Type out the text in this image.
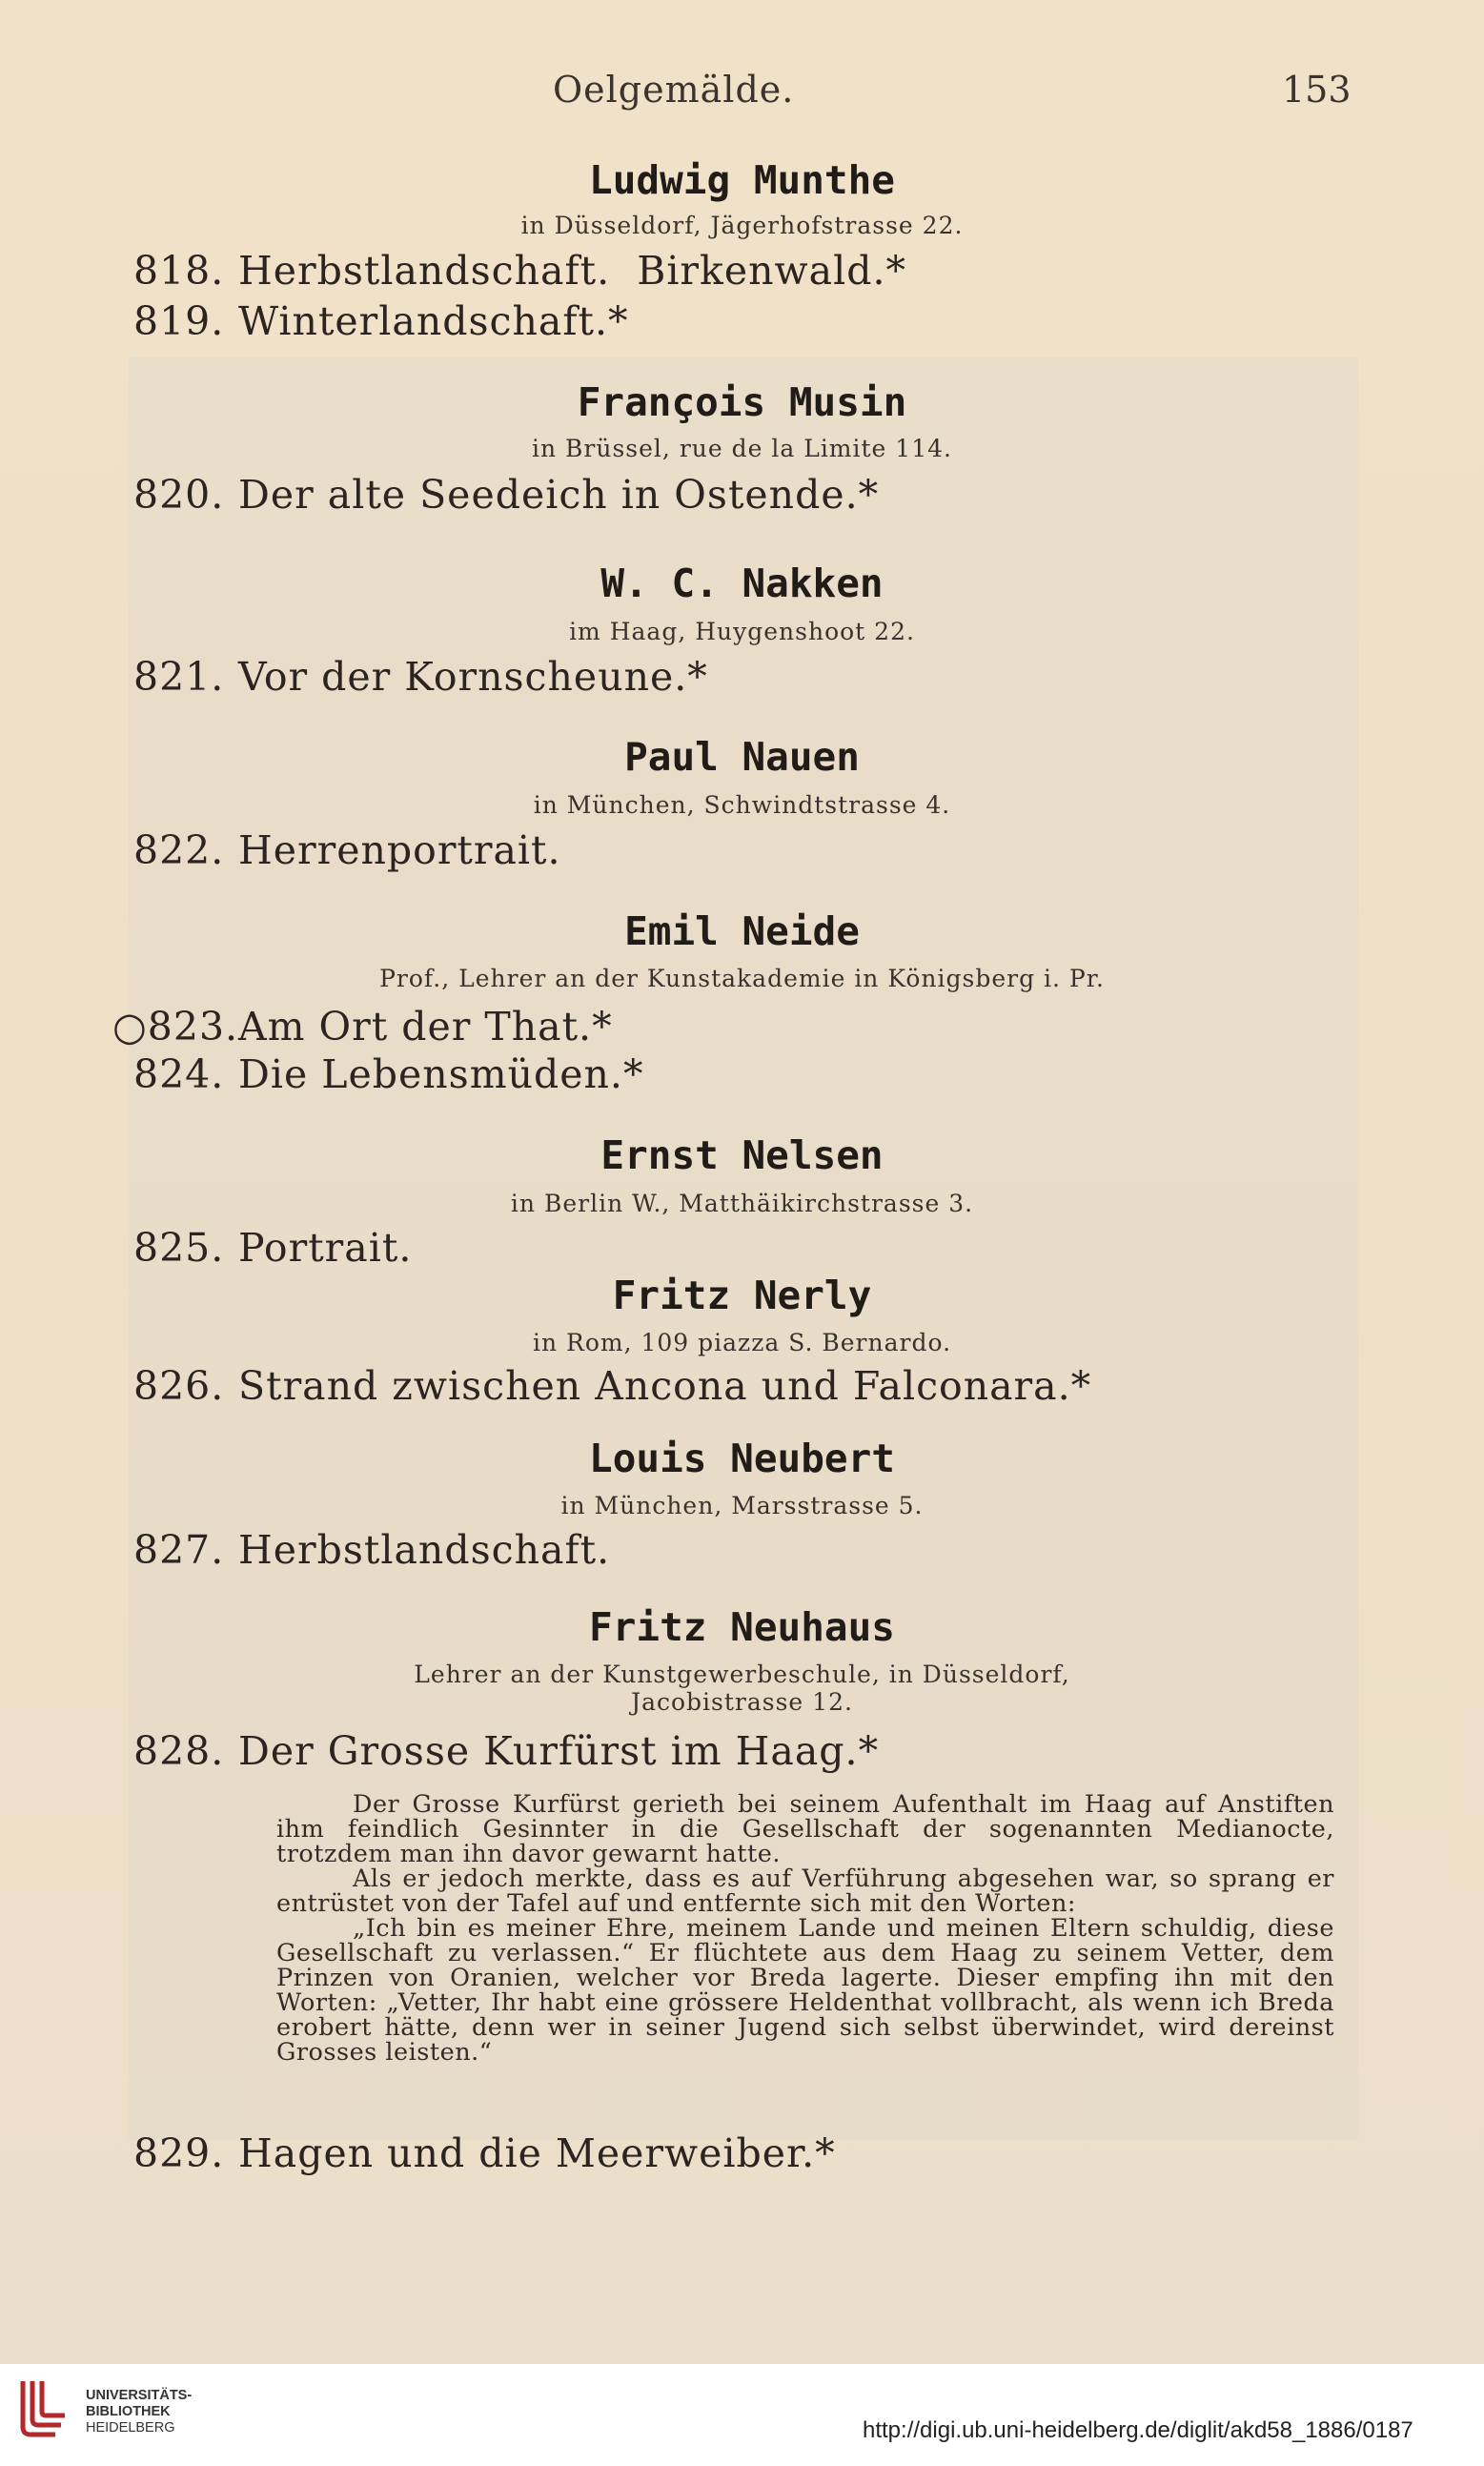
Oelgemälde.	153
Ludwig Munthe
in Düsseldorf, Jägerhofstrasse 22.
818. Herbstlandschaft.  Birkenwald.*
819. Winterlandschaft.*
François Musin
in Brüssel, rue de la Limite 114.
820. Der alte Seedeich in Ostende.*
W. C. Nakken
im Haag, Huygenshoot 22.
821. Vor der Kornscheune.*
Paul Nauen
in München, Schwindtstrasse 4.
822. Herrenportrait.
Emil Neide
Prof., Lehrer an der Kunstakademie in Königsberg i. Pr.
○823.Am Ort der That.*
824. Die Lebensmüden.*
Ernst Nelsen
in Berlin W., Matthäikirchstrasse 3.
825. Portrait.
Fritz Nerly
in Rom, 109 piazza S. Bernardo.
826. Strand zwischen Ancona und Falconara.*
Louis Neubert
in München, Marsstrasse 5.
827. Herbstlandschaft.
Fritz Neuhaus
Lehrer an der Kunstgewerbeschule, in Düsseldorf,
Jacobistrasse 12.
828. Der Grosse Kurfürst im Haag.*

Der Grosse Kurfürst gerieth bei seinem Aufenthalt im Haag auf Anstiften ihm feindlich Gesinnter in die Gesellschaft der sogenannten Medianocte, trotzdem man ihn davor gewarnt hatte.

Als er jedoch merkte, dass es auf Verführung abgesehen war, so sprang er entrüstet von der Tafel auf und entfernte sich mit den Worten:

„Ich bin es meiner Ehre, meinem Lande und meinen Eltern schuldig, diese Gesellschaft zu verlassen.“ Er flüchtete aus dem Haag zu seinem Vetter, dem Prinzen von Oranien, welcher vor Breda lagerte. Dieser empfing ihn mit den Worten: „Vetter, Ihr habt eine grössere Heldenthat vollbracht, als wenn ich Breda erobert hätte, denn wer in seiner Jugend sich selbst überwindet, wird dereinst Grosses leisten.“

829. Hagen und die Meerweiber.*
UNIVERSITÄTS-
BIBLIOTHEK
HEIDELBERG	http://digi.ub.uni-heidelberg.de/diglit/akd58_1886/0187
